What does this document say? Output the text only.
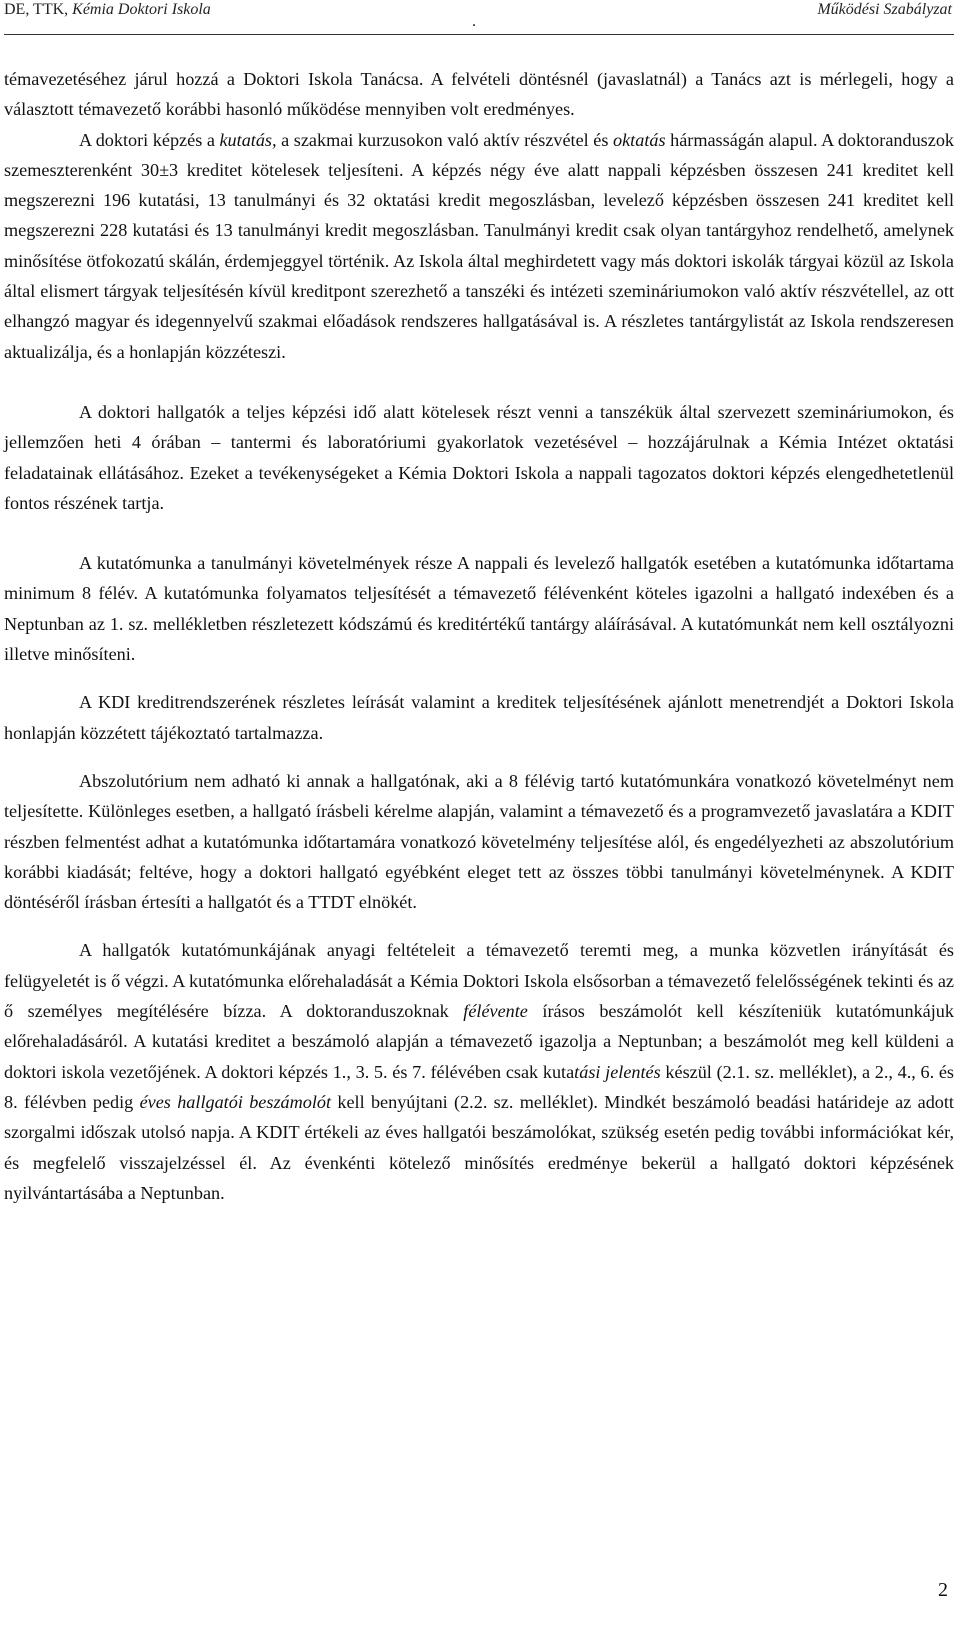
DE, TTK, Kémia Doktori Iskola
.
Működési Szabályzat

témavezetéséhez járul hozzá a Doktori Iskola Tanácsa. A felvételi döntésnél (javaslatnál) a Tanács azt is mérlegeli, hogy a választott témavezető korábbi hasonló működése mennyiben volt eredményes.

A doktori képzés a kutatás, a szakmai kurzusokon való aktív részvétel és oktatás hármasságán alapul. A doktoranduszok szemeszterenként 30±3 kreditet kötelesek teljesíteni. A képzés négy éve alatt nappali képzésben összesen 241 kreditet kell megszerezni 196 kutatási, 13 tanulmányi és 32 oktatási kredit megoszlásban, levelező képzésben összesen 241 kreditet kell megszerezni 228 kutatási és 13 tanulmányi kredit megoszlásban. Tanulmányi kredit csak olyan tantárgyhoz rendelhető, amelynek minősítése ötfokozatú skálán, érdemjeggyel történik. Az Iskola által meghirdetett vagy más doktori iskolák tárgyai közül az Iskola által elismert tárgyak teljesítésén kívül kreditpont szerezhető a tanszéki és intézeti szemináriumokon való aktív részvétellel, az ott elhangzó magyar és idegennyelvű szakmai előadások rendszeres hallgatásával is. A részletes tantárgylistát az Iskola rendszeresen aktualizálja, és a honlapján közzéteszi.

A doktori hallgatók a teljes képzési idő alatt kötelesek részt venni a tanszékük által szervezett szemináriumokon, és jellemzően heti 4 órában – tantermi és laboratóriumi gyakorlatok vezetésével – hozzájárulnak a Kémia Intézet oktatási feladatainak ellátásához. Ezeket a tevékenységeket a Kémia Doktori Iskola a nappali tagozatos doktori képzés elengedhetetlenül fontos részének tartja.

A kutatómunka a tanulmányi követelmények része A nappali és levelező hallgatók esetében a kutatómunka időtartama minimum 8 félév. A kutatómunka folyamatos teljesítését a témavezető félévenként köteles igazolni a hallgató indexében és a Neptunban az 1. sz. mellékletben részletezett kódszámú és kreditértékű tantárgy aláírásával. A kutatómunkát nem kell osztályozni illetve minősíteni.

A KDI kreditrendszerének részletes leírását valamint a kreditek teljesítésének ajánlott menetrendjét a Doktori Iskola honlapján közzétett tájékoztató tartalmazza.

Abszolutórium nem adható ki annak a hallgatónak, aki a 8 félévig tartó kutatómunkára vonatkozó követelményt nem teljesítette. Különleges esetben, a hallgató írásbeli kérelme alapján, valamint a témavezető és a programvezető javaslatára a KDIT részben felmentést adhat a kutatómunka időtartamára vonatkozó követelmény teljesítése alól, és engedélyezheti az abszolutórium korábbi kiadását; feltéve, hogy a doktori hallgató egyébként eleget tett az összes többi tanulmányi követelménynek. A KDIT döntéséről írásban értesíti a hallgatót és a TTDT elnökét.

A hallgatók kutatómunkájának anyagi feltételeit a témavezető teremti meg, a munka közvetlen irányítását és felügyeletét is ő végzi. A kutatómunka előrehaladását a Kémia Doktori Iskola elsősorban a témavezető felelősségének tekinti és az ő személyes megítélésére bízza. A doktoranduszoknak félévente írásos beszámolót kell készíteniük kutatómunkájuk előrehaladásáról. A kutatási kreditet a beszámoló alapján a témavezető igazolja a Neptunban; a beszámolót meg kell küldeni a doktori iskola vezetőjének. A doktori képzés 1., 3. 5. és 7. félévében csak kutatási jelentés készül (2.1. sz. melléklet), a 2., 4., 6. és 8. félévben pedig éves hallgatói beszámolót kell benyújtani (2.2. sz. melléklet). Mindkét beszámoló beadási határideje az adott szorgalmi időszak utolsó napja. A KDIT értékeli az éves hallgatói beszámolókat, szükség esetén pedig további információkat kér, és megfelelő visszajelzéssel él. Az évenkénti kötelező minősítés eredménye bekerül a hallgató doktori képzésének nyilvántartásába a Neptunban.

2
